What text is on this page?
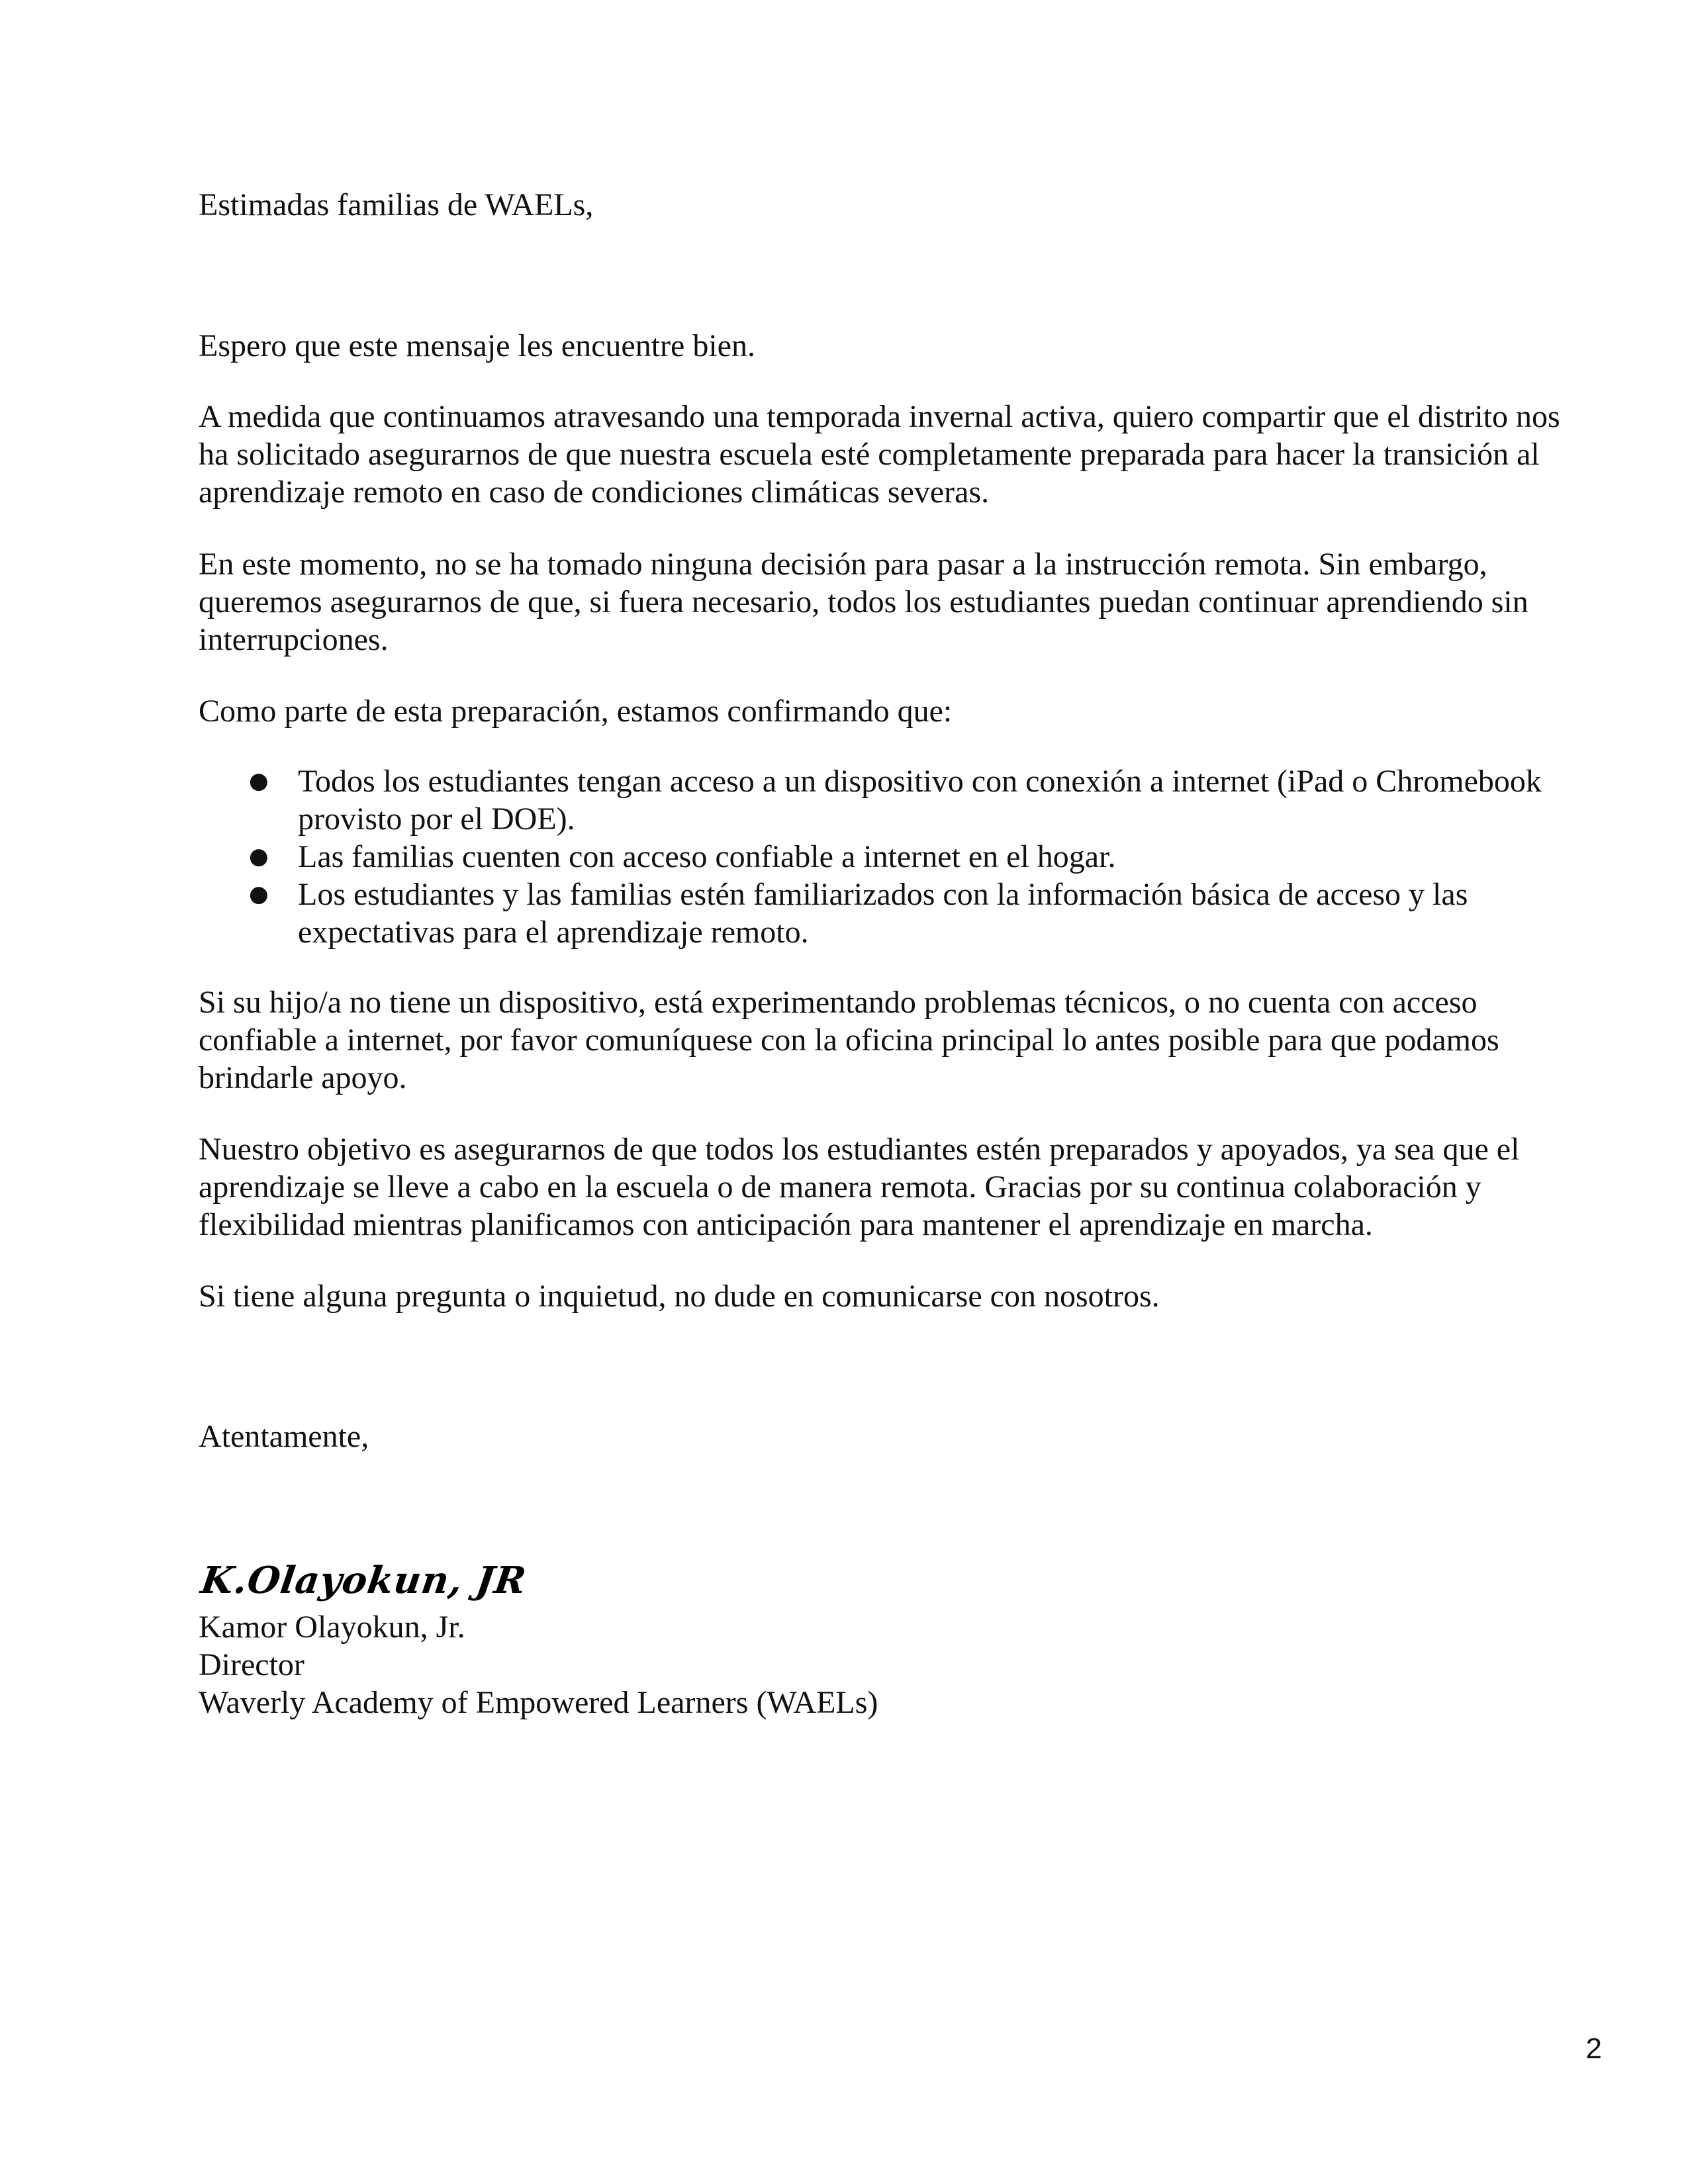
Estimadas familias de WAELs,

Espero que este mensaje les encuentre bien.

A medida que continuamos atravesando una temporada invernal activa, quiero compartir que el distrito nos ha solicitado asegurarnos de que nuestra escuela esté completamente preparada para hacer la transición al aprendizaje remoto en caso de condiciones climáticas severas.

En este momento, no se ha tomado ninguna decisión para pasar a la instrucción remota. Sin embargo, queremos asegurarnos de que, si fuera necesario, todos los estudiantes puedan continuar aprendiendo sin interrupciones.

Como parte de esta preparación, estamos confirmando que:

● Todos los estudiantes tengan acceso a un dispositivo con conexión a internet (iPad o Chromebook provisto por el DOE).
● Las familias cuenten con acceso confiable a internet en el hogar.
● Los estudiantes y las familias estén familiarizados con la información básica de acceso y las expectativas para el aprendizaje remoto.

Si su hijo/a no tiene un dispositivo, está experimentando problemas técnicos, o no cuenta con acceso confiable a internet, por favor comuníquese con la oficina principal lo antes posible para que podamos brindarle apoyo.

Nuestro objetivo es asegurarnos de que todos los estudiantes estén preparados y apoyados, ya sea que el aprendizaje se lleve a cabo en la escuela o de manera remota. Gracias por su continua colaboración y flexibilidad mientras planificamos con anticipación para mantener el aprendizaje en marcha.

Si tiene alguna pregunta o inquietud, no dude en comunicarse con nosotros.

Atentamente,

K.Olayokun, JR

Kamor Olayokun, Jr.

Director

Waverly Academy of Empowered Learners (WAELs)

2
